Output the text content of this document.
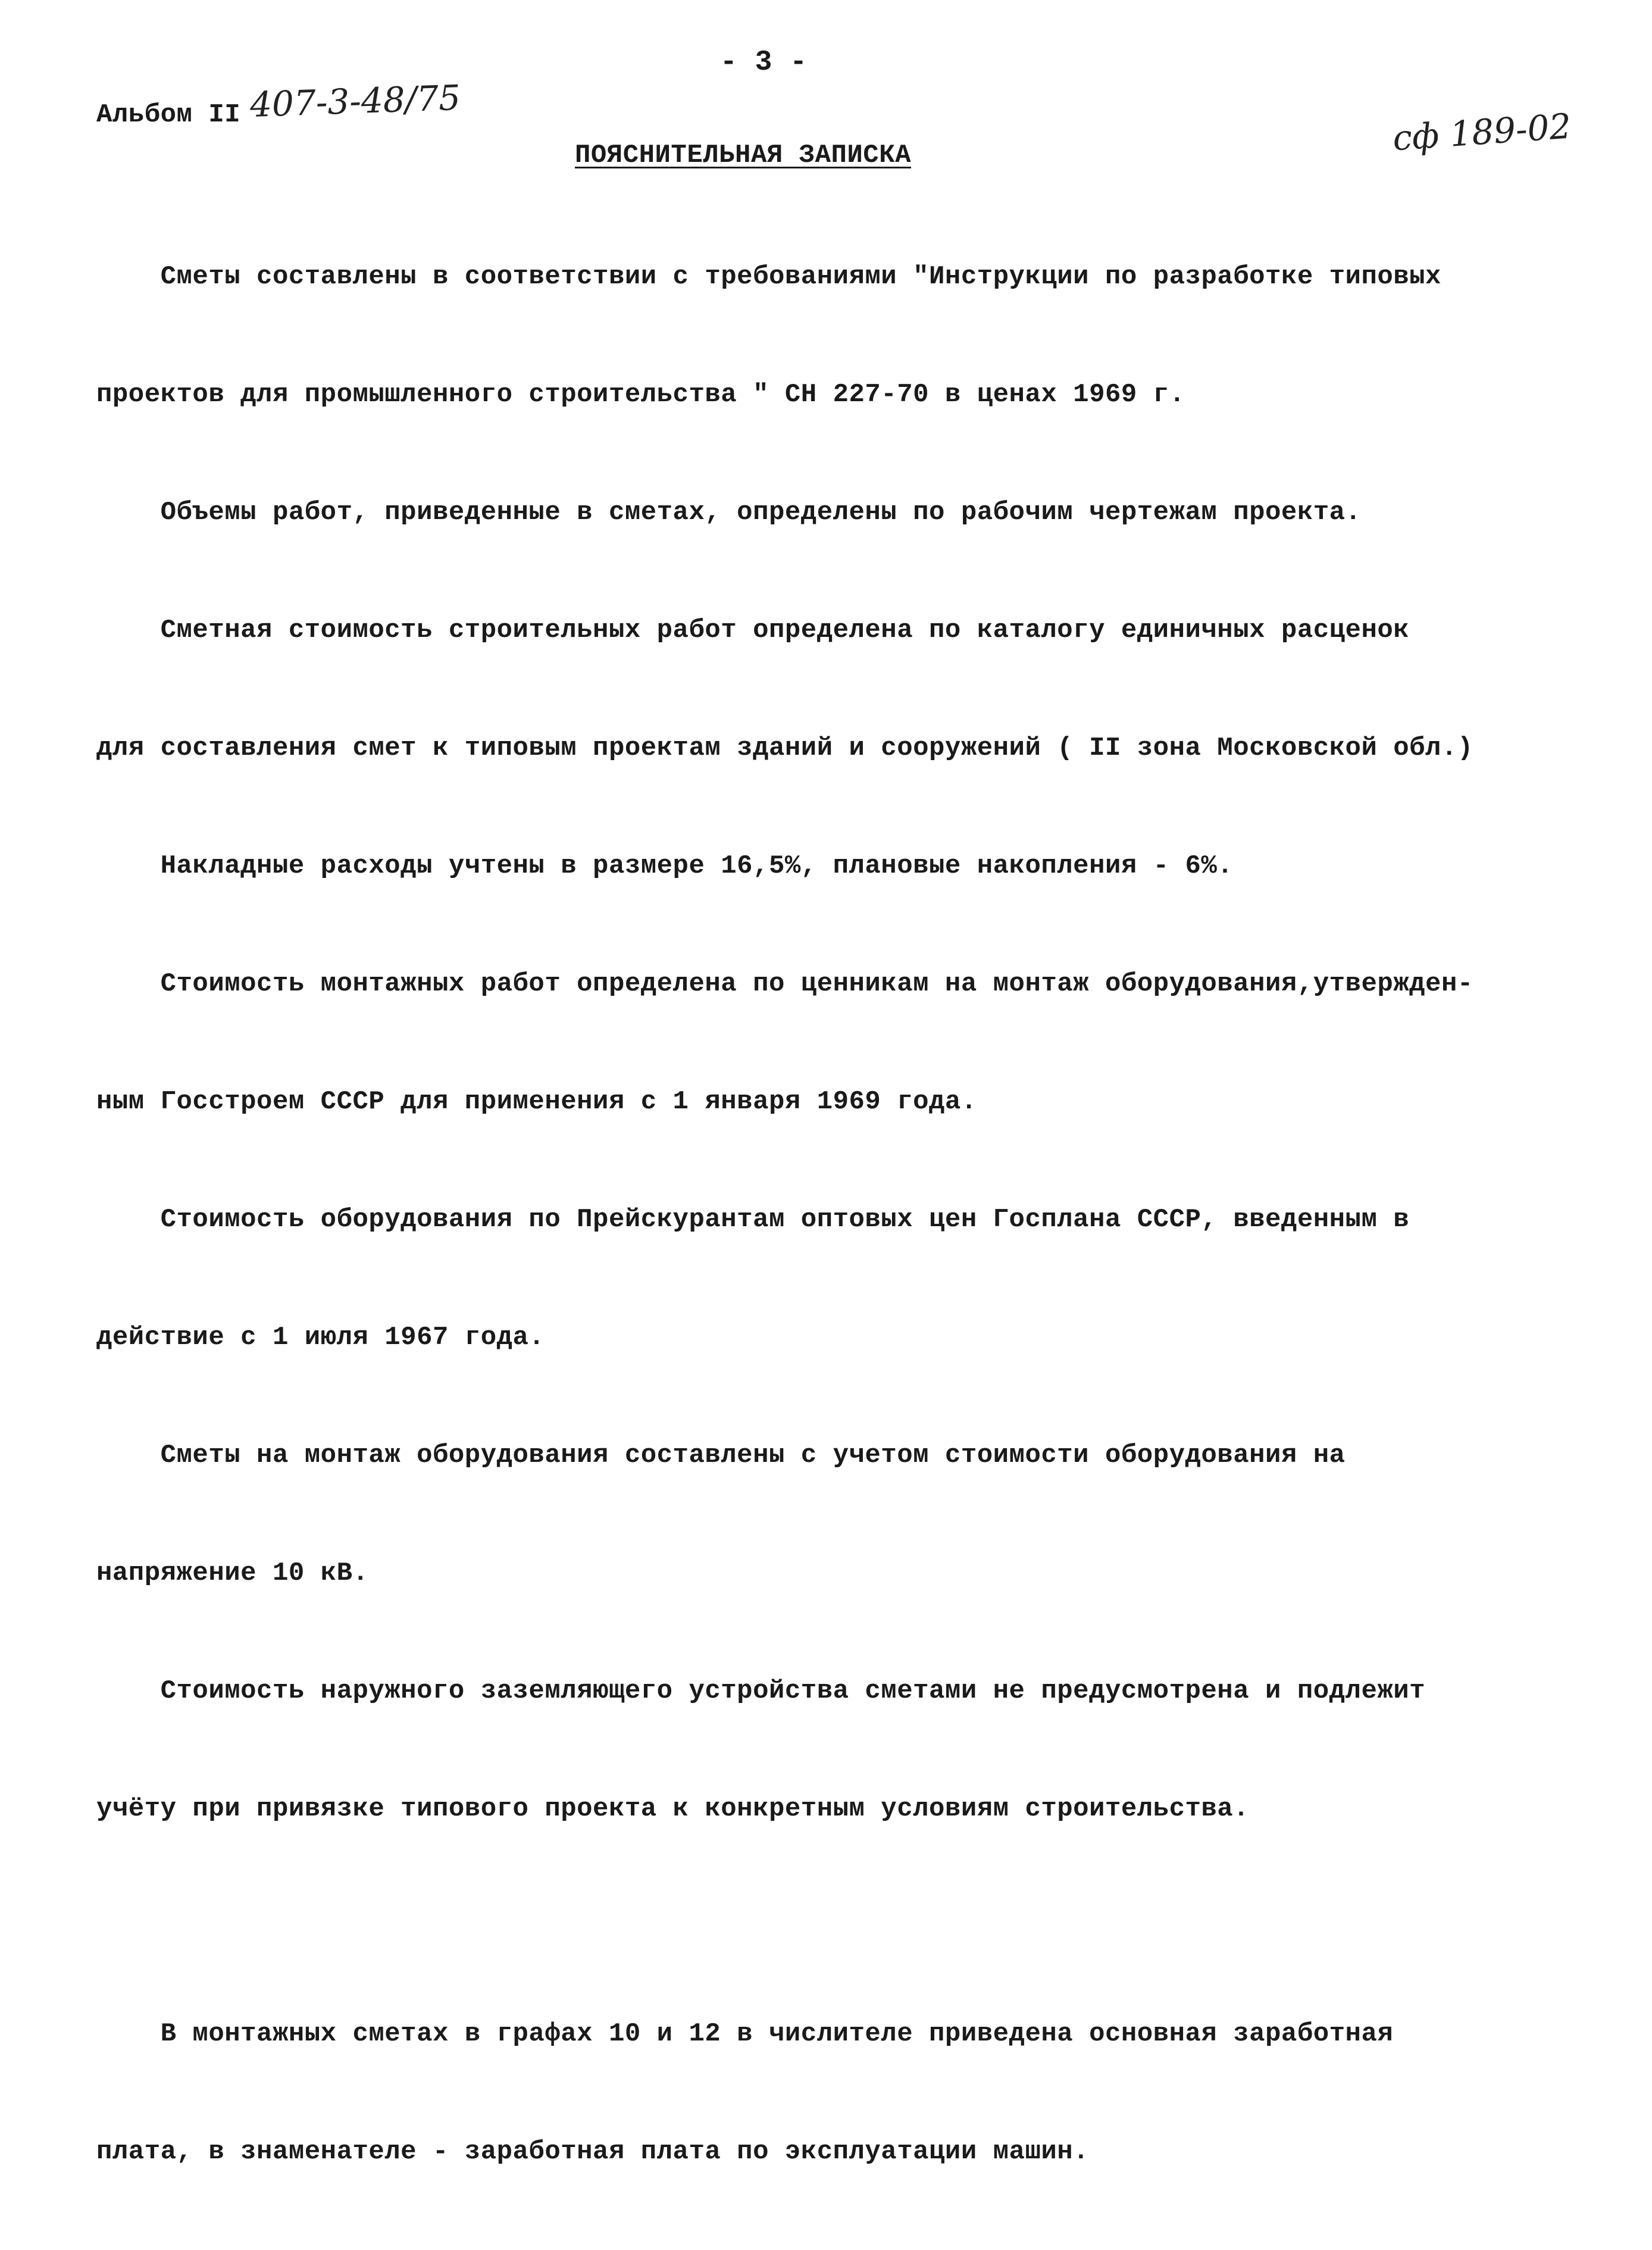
- 3 -
Альбом II 407-3-48/75
сф 189-02
ПОЯСНИТЕЛЬНАЯ ЗАПИСКА

Сметы составлены в соответствии с требованиями "Инструкции по разработке типовых

проектов для промышленного строительства " СН 227-70 в ценах 1969 г.

Объемы работ, приведенные в сметах, определены по рабочим чертежам проекта.

Сметная стоимость строительных работ определена по каталогу единичных расценок

для составления смет к типовым проектам зданий и сооружений ( II зона Московской обл.)

Накладные расходы учтены в размере 16,5%, плановые накопления - 6%.

Стоимость монтажных работ определена по ценникам на монтаж оборудования,утвержден-

ным Госстроем СССР для применения с 1 января 1969 года.

Стоимость оборудования по Прейскурантам оптовых цен Госплана СССР, введенным в

действие с 1 июля 1967 года.

Сметы на монтаж оборудования составлены с учетом стоимости оборудования на

напряжение 10 кВ.

Стоимость наружного заземляющего устройства сметами не предусмотрена и подлежит

учёту при привязке типового проекта к конкретным условиям строительства.

В монтажных сметах в графах 10 и 12 в числителе приведена основная заработная

плата, в знаменателе - заработная плата по эксплуатации машин.
